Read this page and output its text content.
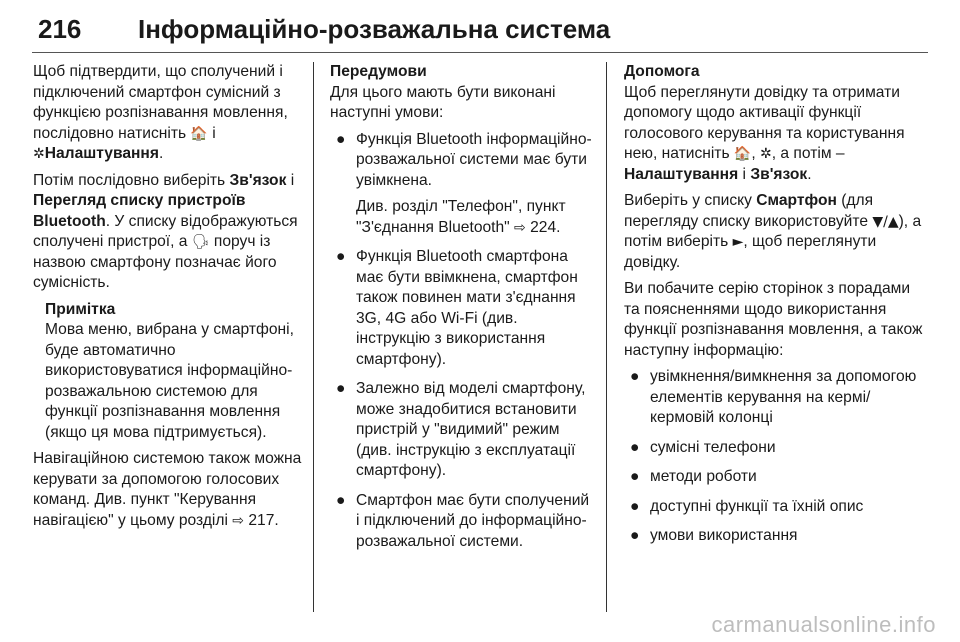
216 Інформаційно-розважальна система

Щоб підтвердити, що сполучений і підключений смартфон сумісний з функцією розпізнавання мовлення, послідовно натисніть 🏠 і
✲Налаштування.

Потім послідовно виберіть Зв'язок і Перегляд списку пристроїв Bluetooth. У списку відображуються сполучені пристрої, а 🗣 поруч із назвою смартфону позначає його сумісність.

Примітка
Мова меню, вибрана у смартфоні, буде автоматично використовуватися інформаційно-розважальною системою для функції розпізнавання мовлення (якщо ця мова підтримується).

Навігаційною системою також можна керувати за допомогою голосових команд. Див. пункт "Керування навігацією" у цьому розділі ⇨ 217.

Передумови

Для цього мають бути виконані наступні умови:

● Функція Bluetooth інформаційно-розважальної системи має бути увімкнена.
Див. розділ "Телефон", пункт "З'єднання Bluetooth" ⇨ 224.
● Функція Bluetooth смартфона має бути ввімкнена, смартфон також повинен мати з'єднання 3G, 4G або Wi-Fi (див. інструкцію з використання смартфону).
● Залежно від моделі смартфону, може знадобитися встановити пристрій у "видимий" режим (див. інструкцію з експлуатації смартфону).
● Смартфон має бути сполучений і підключений до інформаційно-розважальної системи.
Допомога

Щоб переглянути довідку та отримати допомогу щодо активації функції голосового керування та користування нею, натисніть 🏠, ✲, а потім – Налаштування і Зв'язок.

Виберіть у списку Смартфон (для перегляду списку використовуйте ▼/▲), а потім виберіть ►, щоб переглянути довідку.

Ви побачите серію сторінок з порадами та поясненнями щодо використання функції розпізнавання мовлення, а також наступну інформацію:

● увімкнення/вимкнення за допомогою елементів керування на кермі/кермовій колонці
● сумісні телефони
● методи роботи
● доступні функції та їхній опис
● умови використання
carmanualsonline.info
